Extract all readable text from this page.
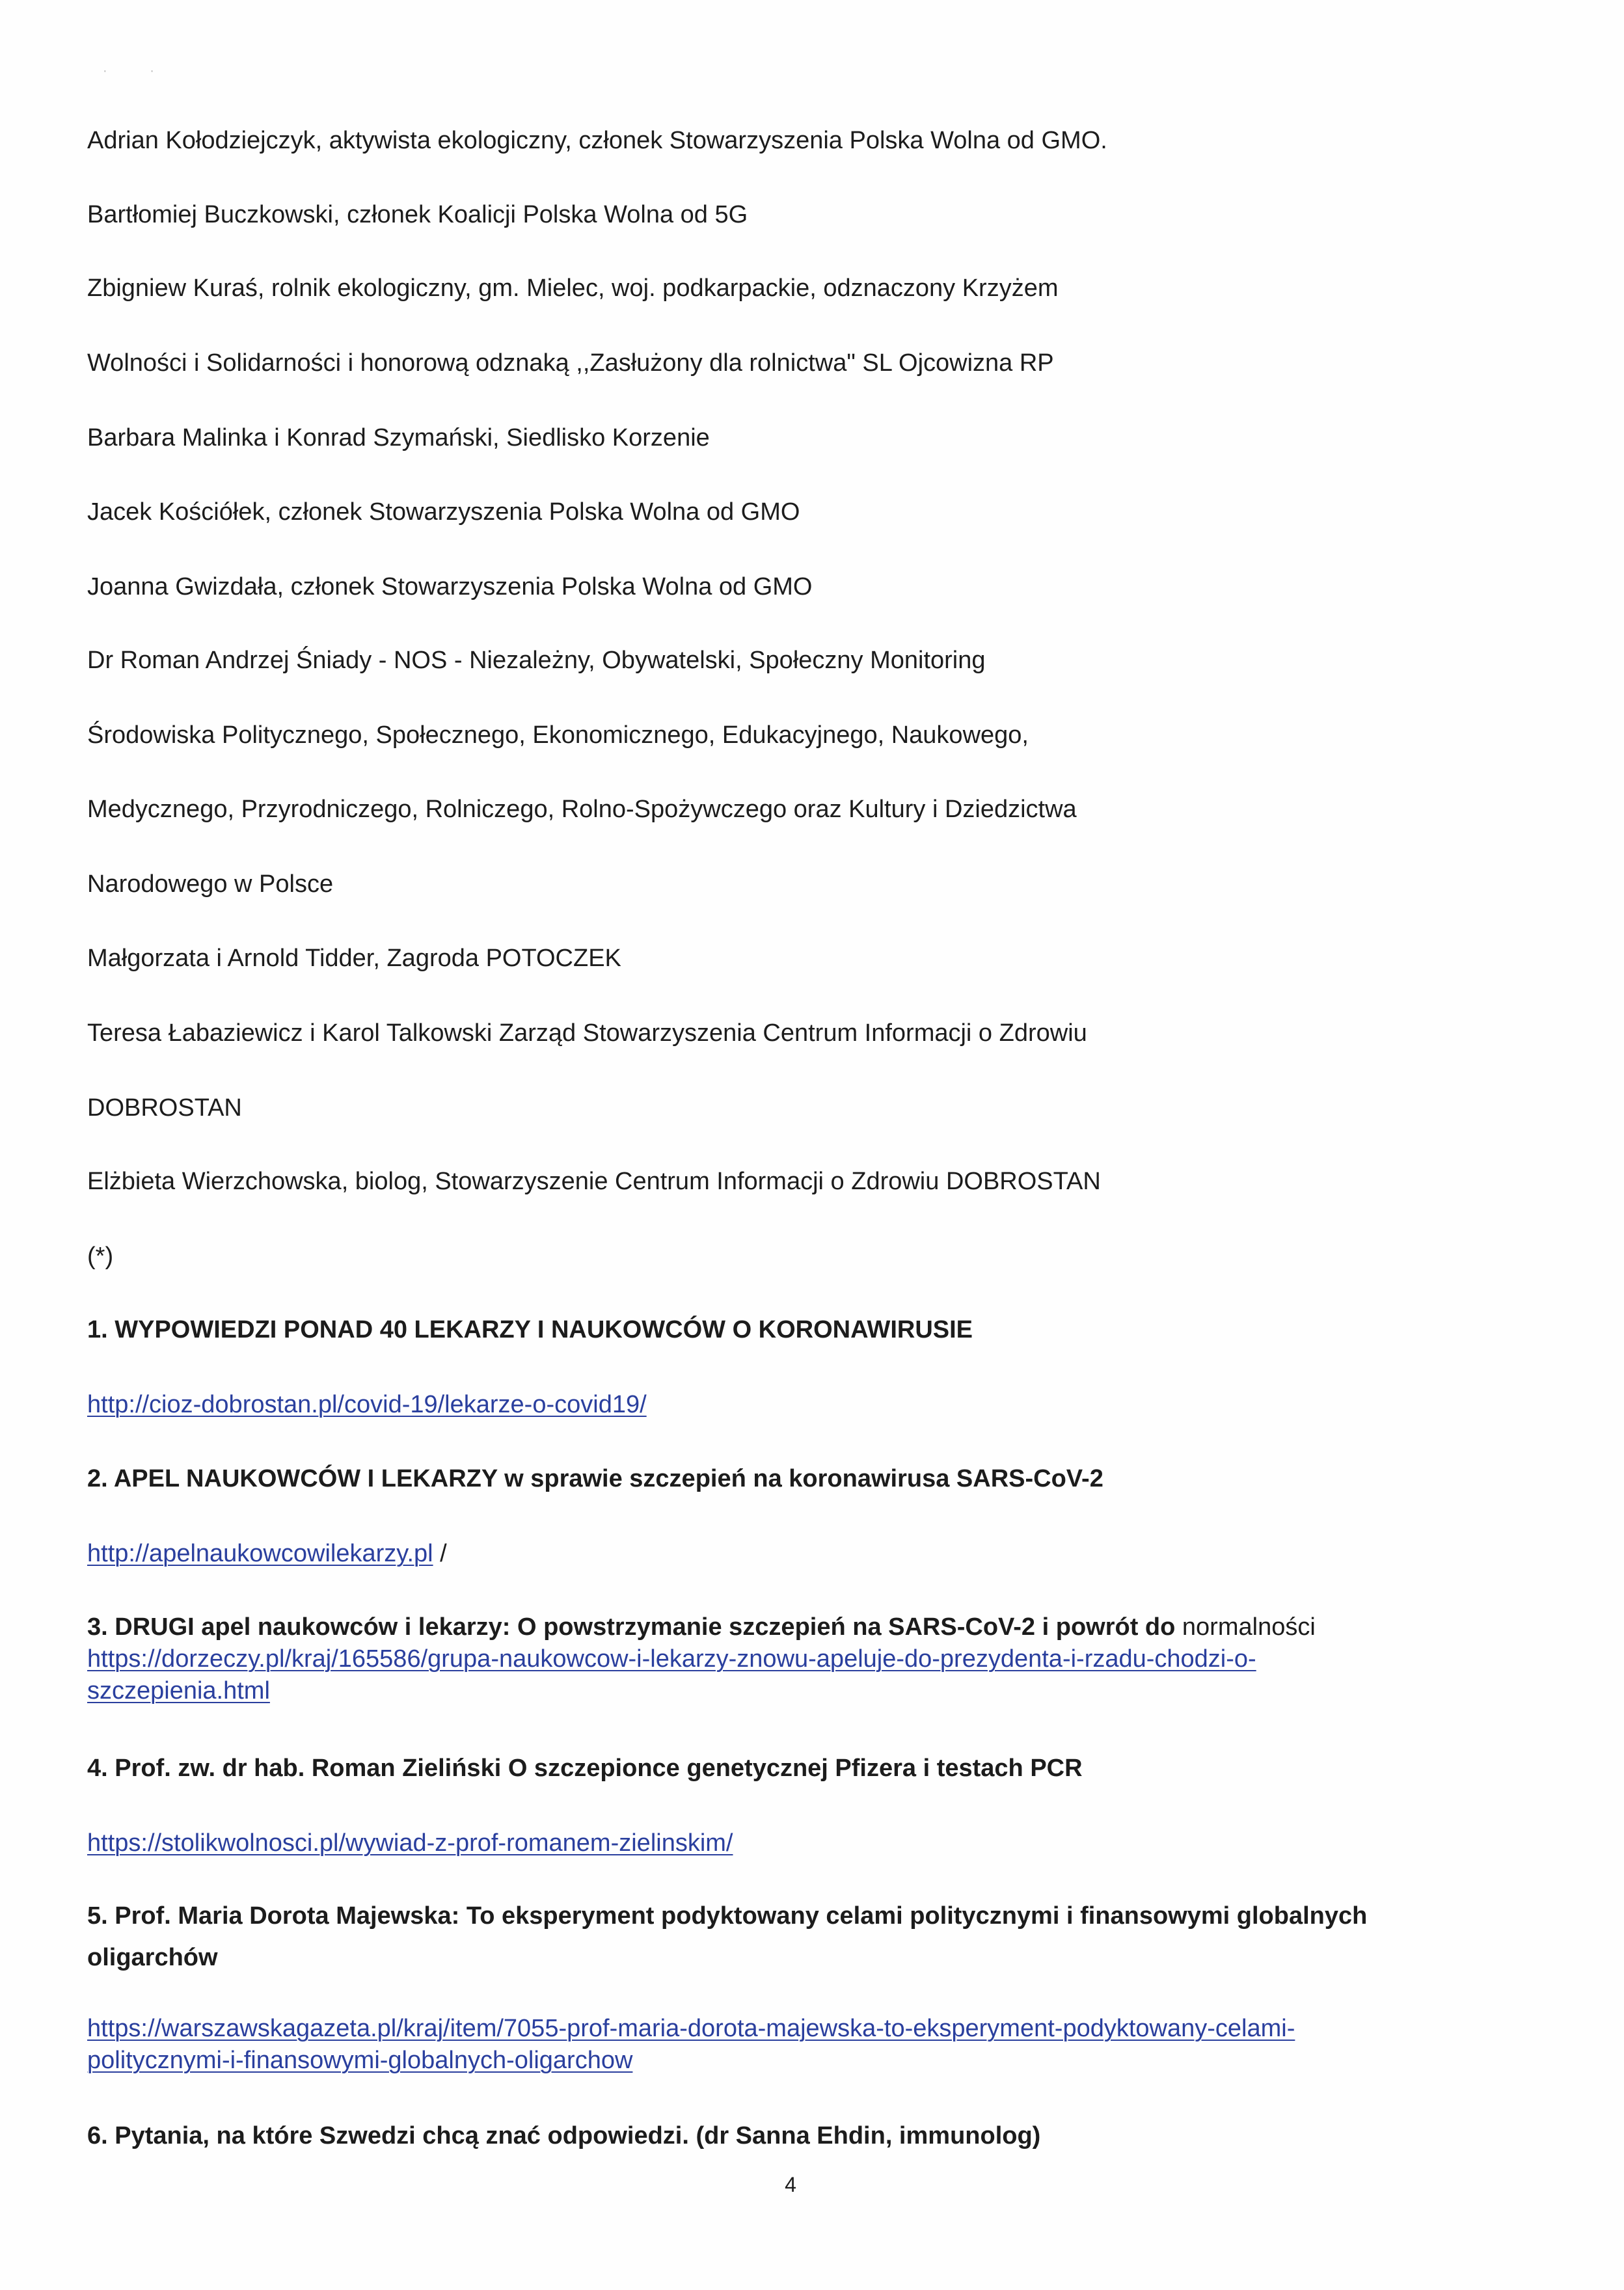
· ·
Adrian Kołodziejczyk, aktywista ekologiczny, członek Stowarzyszenia Polska Wolna od GMO.
Bartłomiej Buczkowski, członek Koalicji Polska Wolna od 5G
Zbigniew Kuraś, rolnik ekologiczny, gm. Mielec, woj. podkarpackie, odznaczony Krzyżem
Wolności i Solidarności i honorową odznaką ,,Zasłużony dla rolnictwa" SL Ojcowizna RP
Barbara Malinka i Konrad Szymański, Siedlisko Korzenie
Jacek Kościółek, członek Stowarzyszenia Polska Wolna od GMO
Joanna Gwizdała, członek Stowarzyszenia Polska Wolna od GMO
Dr Roman Andrzej Śniady - NOS - Niezależny, Obywatelski, Społeczny Monitoring
Środowiska Politycznego, Społecznego, Ekonomicznego, Edukacyjnego, Naukowego,
Medycznego, Przyrodniczego, Rolniczego, Rolno-Spożywczego oraz Kultury i Dziedzictwa
Narodowego w Polsce
Małgorzata i Arnold Tidder, Zagroda POTOCZEK
Teresa Łabaziewicz i Karol Talkowski Zarząd Stowarzyszenia Centrum Informacji o Zdrowiu
DOBROSTAN
Elżbieta Wierzchowska, biolog, Stowarzyszenie Centrum Informacji o Zdrowiu DOBROSTAN
(*)
1. WYPOWIEDZI PONAD 40 LEKARZY I NAUKOWCÓW O KORONAWIRUSIE
http://cioz-dobrostan.pl/covid-19/lekarze-o-covid19/
2. APEL NAUKOWCÓW I LEKARZY w sprawie szczepień na koronawirusa SARS-CoV-2
http://apelnaukowcowilekarzy.pl /
3. DRUGI apel naukowców i lekarzy: O powstrzymanie szczepień na SARS-CoV-2 i powrót do normalności
https://dorzeczy.pl/kraj/165586/grupa-naukowcow-i-lekarzy-znowu-apeluje-do-prezydenta-i-rzadu-chodzi-o-
szczepienia.html
4. Prof. zw. dr hab. Roman Zieliński O szczepionce genetycznej Pfizera i testach PCR
https://stolikwolnosci.pl/wywiad-z-prof-romanem-zielinskim/
5. Prof. Maria Dorota Majewska: To eksperyment podyktowany celami politycznymi i finansowymi globalnych
oligarchów
https://warszawskagazeta.pl/kraj/item/7055-prof-maria-dorota-majewska-to-eksperyment-podyktowany-celami-
politycznymi-i-finansowymi-globalnych-oligarchow
6. Pytania, na które Szwedzi chcą znać odpowiedzi. (dr Sanna Ehdin, immunolog)
4
